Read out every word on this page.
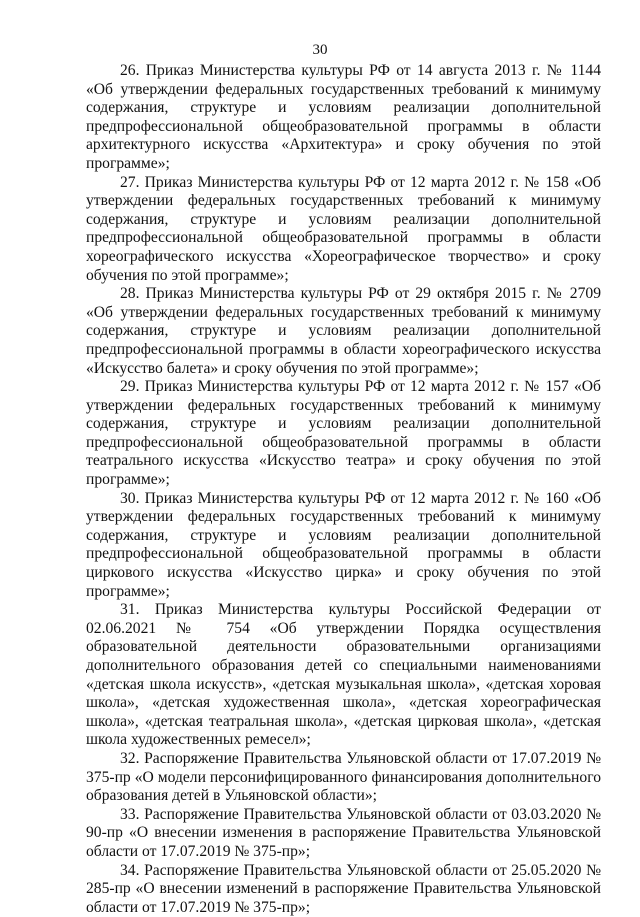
30

26. Приказ Министерства культуры РФ от 14 августа 2013 г. № 1144 «Об утверждении федеральных государственных требований к минимуму содержания, структуре и условиям реализации дополнительной предпрофессиональной общеобразовательной программы в области архитектурного искусства «Архитектура» и сроку обучения по этой программе»;

27. Приказ Министерства культуры РФ от 12 марта 2012 г. № 158 «Об утверждении федеральных государственных требований к минимуму содержания, структуре и условиям реализации дополнительной предпрофессиональной общеобразовательной программы в области хореографического искусства «Хореографическое творчество» и сроку обучения по этой программе»;

28. Приказ Министерства культуры РФ от 29 октября 2015 г. № 2709 «Об утверждении федеральных государственных требований к минимуму содержания, структуре и условиям реализации дополнительной предпрофессиональной программы в области хореографического искусства «Искусство балета» и сроку обучения по этой программе»;

29. Приказ Министерства культуры РФ от 12 марта 2012 г. № 157 «Об утверждении федеральных государственных требований к минимуму содержания, структуре и условиям реализации дополнительной предпрофессиональной общеобразовательной программы в области театрального искусства «Искусство театра» и сроку обучения по этой программе»;

30. Приказ Министерства культуры РФ от 12 марта 2012 г. № 160 «Об утверждении федеральных государственных требований к минимуму содержания, структуре и условиям реализации дополнительной предпрофессиональной общеобразовательной программы в области циркового искусства «Искусство цирка» и сроку обучения по этой программе»;

31. Приказ Министерства культуры Российской Федерации от 02.06.2021 № 754 «Об утверждении Порядка осуществления образовательной деятельности образовательными организациями дополнительного образования детей со специальными наименованиями «детская школа искусств», «детская музыкальная школа», «детская хоровая школа», «детская художественная школа», «детская хореографическая школа», «детская театральная школа», «детская цирковая школа», «детская школа художественных ремесел»;

32. Распоряжение Правительства Ульяновской области от 17.07.2019 № 375-пр «О модели персонифицированного финансирования дополнительного образования детей в Ульяновской области»;

33. Распоряжение Правительства Ульяновской области от 03.03.2020 № 90-пр «О внесении изменения в распоряжение Правительства Ульяновской области от 17.07.2019 № 375-пр»;

34. Распоряжение Правительства Ульяновской области от 25.05.2020 № 285-пр «О внесении изменений в распоряжение Правительства Ульяновской области от 17.07.2019 № 375-пр»;
